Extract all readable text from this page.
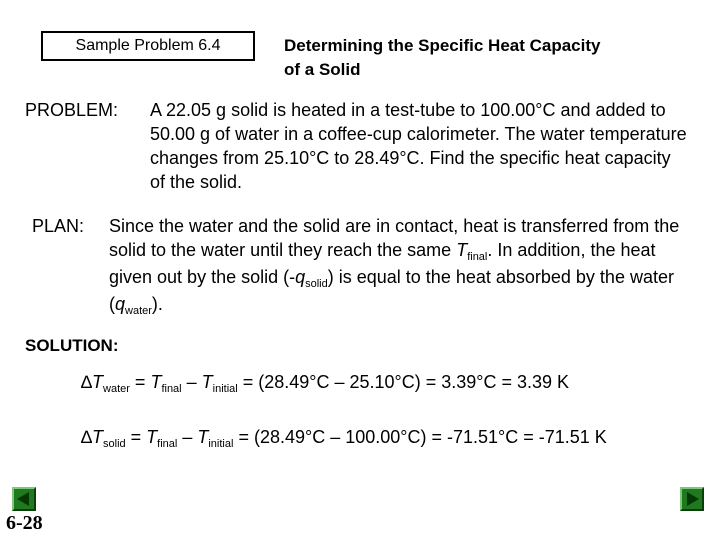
Sample Problem 6.4	Determining the Specific Heat Capacity
of a Solid
PROBLEM: A 22.05 g solid is heated in a test-tube to 100.00°C and added to 50.00 g of water in a coffee-cup calorimeter. The water temperature changes from 25.10°C to 28.49°C. Find the specific heat capacity of the solid.
PLAN: Since the water and the solid are in contact, heat is transferred from the solid to the water until they reach the same $T_{final}$. In addition, the heat given out by the solid $(-q_{solid})$ is equal to the heat absorbed by the water $(q_{water})$.
SOLUTION:
$\Delta T_{water} = T_{final} - T_{initial} = (28.49^\circ C - 25.10^\circ C) = 3.39^\circ C = 3.39$ K
$\Delta T_{solid} = T_{final} - T_{initial} = (28.49^\circ C - 100.00^\circ C) = -71.51^\circ C = -71.51$ K
6-28
